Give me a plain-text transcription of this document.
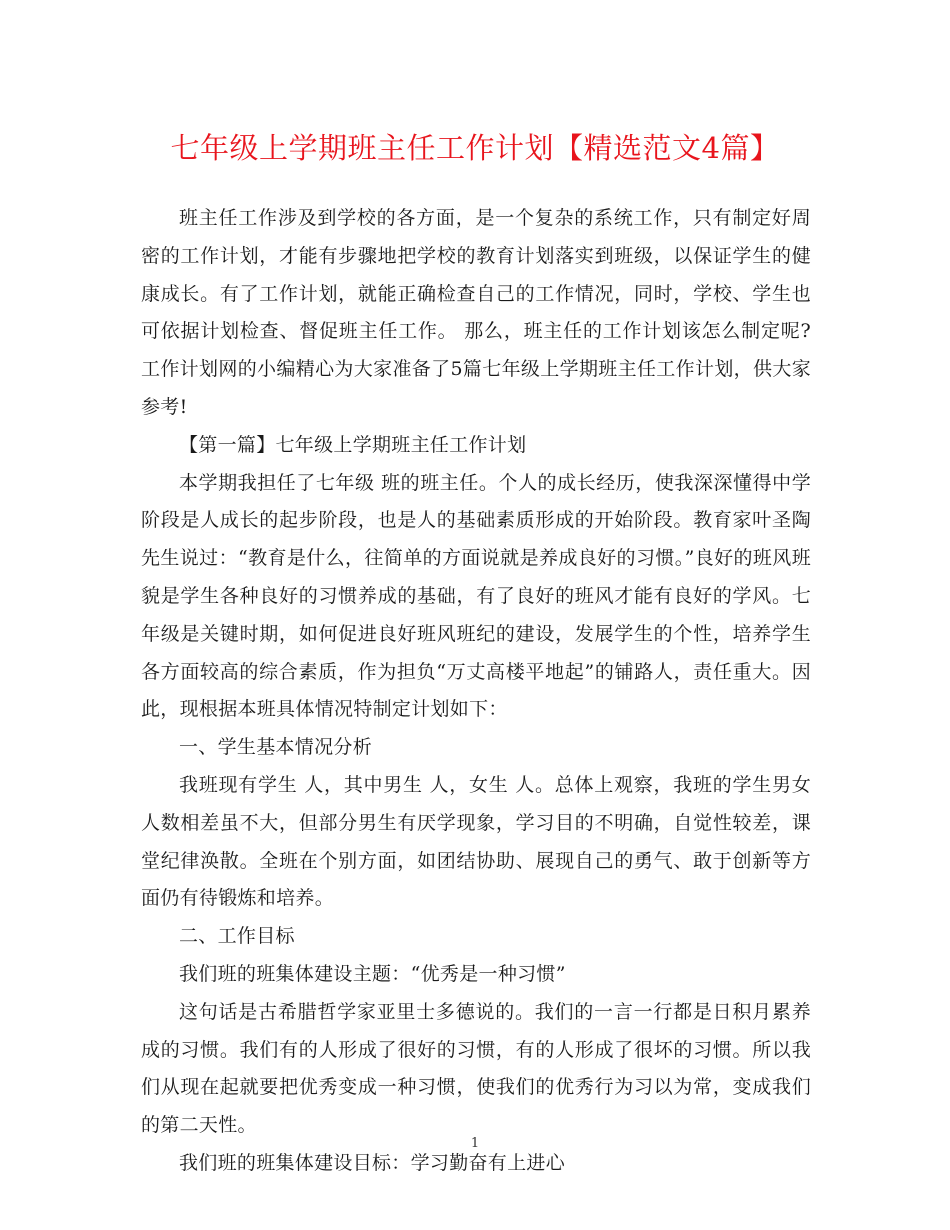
七年级上学期班主任工作计划【精选范文4篇】

班主任工作涉及到学校的各方面，是一个复杂的系统工作，只有制定好周密的工作计划，才能有步骤地把学校的教育计划落实到班级，以保证学生的健康成长。有了工作计划，就能正确检查自己的工作情况，同时，学校、学生也可依据计划检查、督促班主任工作。 那么，班主任的工作计划该怎么制定呢?工作计划网的小编精心为大家准备了5篇七年级上学期班主任工作计划，供大家参考!

【第一篇】七年级上学期班主任工作计划

本学期我担任了七年级 班的班主任。个人的成长经历，使我深深懂得中学阶段是人成长的起步阶段，也是人的基础素质形成的开始阶段。教育家叶圣陶先生说过：“教育是什么，往简单的方面说就是养成良好的习惯。”良好的班风班貌是学生各种良好的习惯养成的基础，有了良好的班风才能有良好的学风。七年级是关键时期，如何促进良好班风班纪的建设，发展学生的个性，培养学生各方面较高的综合素质，作为担负“万丈高楼平地起”的铺路人，责任重大。因此，现根据本班具体情况特制定计划如下：

一、学生基本情况分析

我班现有学生 人，其中男生 人，女生 人。总体上观察，我班的学生男女人数相差虽不大，但部分男生有厌学现象，学习目的不明确，自觉性较差，课堂纪律涣散。全班在个别方面，如团结协助、展现自己的勇气、敢于创新等方面仍有待锻炼和培养。

二、工作目标

我们班的班集体建设主题：“优秀是一种习惯”

这句话是古希腊哲学家亚里士多德说的。我们的一言一行都是日积月累养成的习惯。我们有的人形成了很好的习惯，有的人形成了很坏的习惯。所以我们从现在起就要把优秀变成一种习惯，使我们的优秀行为习以为常，变成我们的第二天性。

我们班的班集体建设目标：学习勤奋有上进心

1
